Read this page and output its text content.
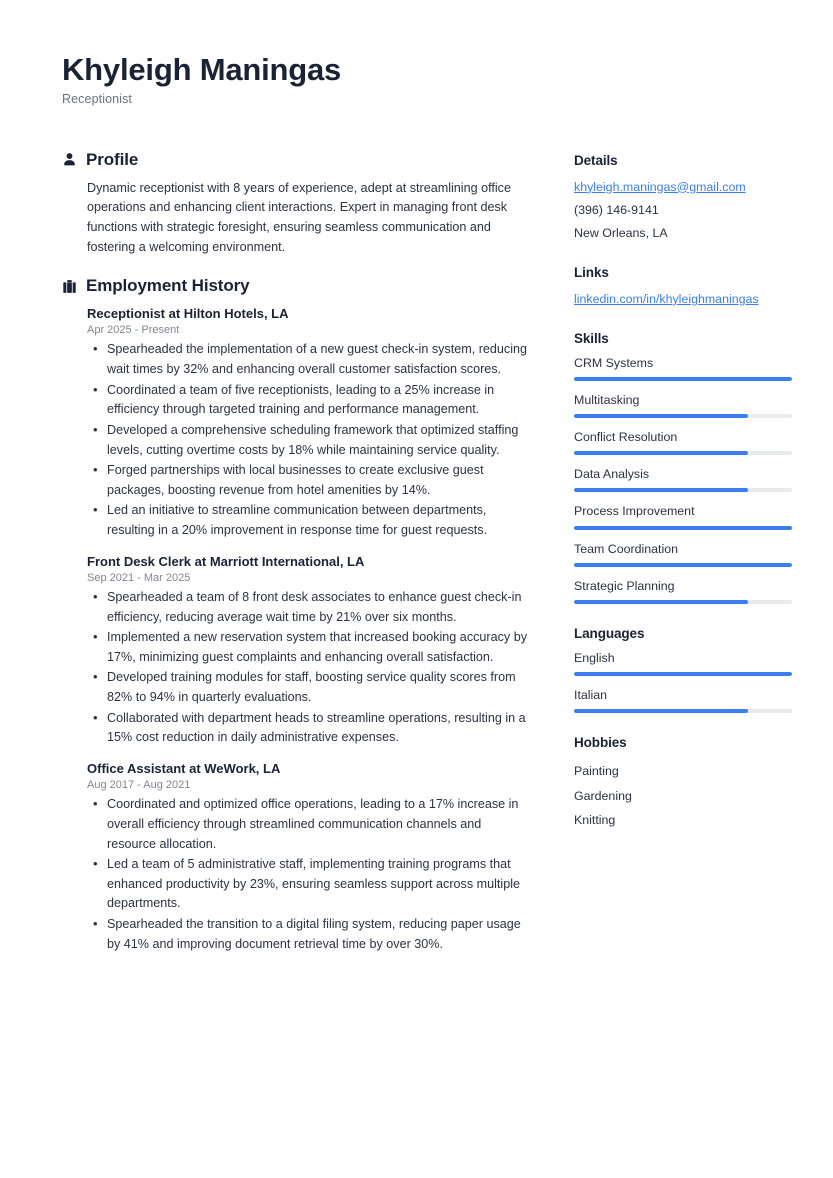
Khyleigh Maningas
Receptionist
Profile

Dynamic receptionist with 8 years of experience, adept at streamlining office operations and enhancing client interactions. Expert in managing front desk functions with strategic foresight, ensuring seamless communication and fostering a welcoming environment.

Employment History
Receptionist at Hilton Hotels, LA
Apr 2025 - Present
• Spearheaded the implementation of a new guest check-in system, reducing wait times by 32% and enhancing overall customer satisfaction scores.
• Coordinated a team of five receptionists, leading to a 25% increase in efficiency through targeted training and performance management.
• Developed a comprehensive scheduling framework that optimized staffing levels, cutting overtime costs by 18% while maintaining service quality.
• Forged partnerships with local businesses to create exclusive guest packages, boosting revenue from hotel amenities by 14%.
• Led an initiative to streamline communication between departments, resulting in a 20% improvement in response time for guest requests.
Front Desk Clerk at Marriott International, LA
Sep 2021 - Mar 2025
• Spearheaded a team of 8 front desk associates to enhance guest check-in efficiency, reducing average wait time by 21% over six months.
• Implemented a new reservation system that increased booking accuracy by 17%, minimizing guest complaints and enhancing overall satisfaction.
• Developed training modules for staff, boosting service quality scores from 82% to 94% in quarterly evaluations.
• Collaborated with department heads to streamline operations, resulting in a 15% cost reduction in daily administrative expenses.
Office Assistant at WeWork, LA
Aug 2017 - Aug 2021
• Coordinated and optimized office operations, leading to a 17% increase in overall efficiency through streamlined communication channels and resource allocation.
• Led a team of 5 administrative staff, implementing training programs that enhanced productivity by 23%, ensuring seamless support across multiple departments.
• Spearheaded the transition to a digital filing system, reducing paper usage by 41% and improving document retrieval time by over 30%.
Details
khyleigh.maningas@gmail.com
(396) 146-9141
New Orleans, LA
Links
linkedin.com/in/khyleighmaningas
Skills
CRM Systems
Multitasking
Conflict Resolution
Data Analysis
Process Improvement
Team Coordination
Strategic Planning
Languages
English
Italian
Hobbies
Painting
Gardening
Knitting
